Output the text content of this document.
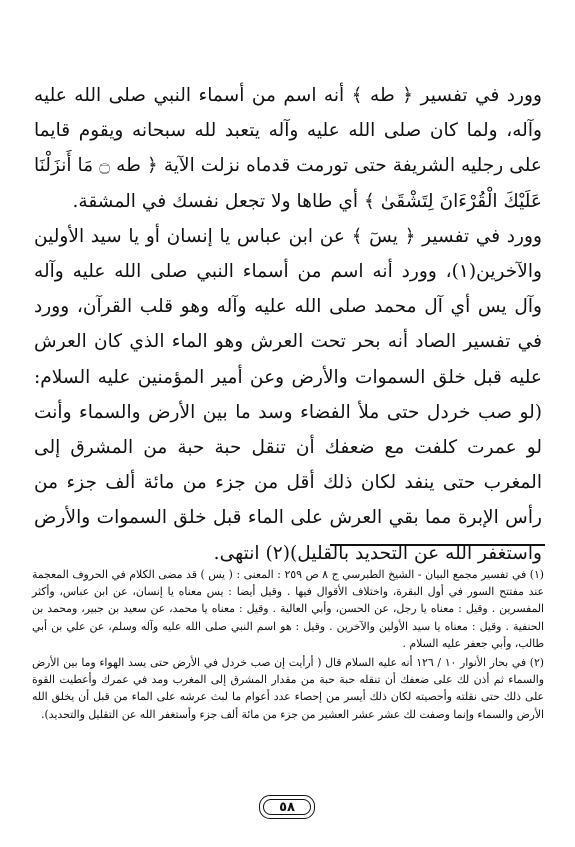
وورد في تفسير ﴿ طه ﴾ أنه اسم من أسماء النبي صلى الله عليه وآله، ولما كان صلى الله عليه وآله يتعبد لله سبحانه ويقوم قايما على رجليه الشريفة حتى تورمت قدماه نزلت الآية ﴿ طه ۝ مَا أَنزَلْنَا عَلَيْكَ الْقُرْءَانَ لِتَشْقَىٰ ﴾ أي طاها ولا تجعل نفسك في المشقة.

وورد في تفسير ﴿ يسٓ ﴾ عن ابن عباس يا إنسان أو يا سيد الأولين والآخرين(١)، وورد أنه اسم من أسماء النبي صلى الله عليه وآله وآل يس أي آل محمد صلى الله عليه وآله وهو قلب القرآن، وورد في تفسير الصاد أنه بحر تحت العرش وهو الماء الذي كان العرش عليه قبل خلق السموات والأرض وعن أمير المؤمنين عليه السلام: (لو صب خردل حتى ملأ الفضاء وسد ما بين الأرض والسماء وأنت لو عمرت كلفت مع ضعفك أن تنقل حبة حبة من المشرق إلى المغرب حتى ينفد لكان ذلك أقل من جزء من مائة ألف جزء من رأس الإبرة مما بقي العرش على الماء قبل خلق السموات والأرض واستغفر الله عن التحديد بالقليل)(٢) انتهى.

(١) في تفسير مجمع البيان - الشيخ الطبرسي ج ٨ ص ٢٥٩ : المعنى : ( يس ) قد مضى الكلام في الحروف المعجمة عند مفتتح السور في أول البقرة، واختلاف الأقوال فيها . وقيل أيضا : يس معناه يا إنسان، عن ابن عباس، وأكثر المفسرين . وقيل : معناه يا رجل، عن الحسن، وأبي العالية . وقيل : معناه يا محمد، عن سعيد بن جبير، ومحمد بن الحنفية . وقيل : معناه يا سيد الأولين والآخرين . وقيل : هو اسم النبي صلى الله عليه وآله وسلم، عن علي بن أبي طالب، وأبي جعفر عليه السلام .

(٢) في بحار الأنوار ١٠ / ١٢٦ أنه عليه السلام قال ( أرأيت إن صب خردل في الأرض حتى يسد الهواء وما بين الأرض والسماء ثم أذن لك على ضعفك أن تنقله حبة حبة من مقدار المشرق إلى المغرب ومد في عمرك وأعطيت القوة على ذلك حتى نقلته وأحصيته لكان ذلك أيسر من إحصاء عدد أعوام ما لبث عرشه على الماء من قبل أن يخلق الله الأرض والسماء وإنما وصفت لك عشر عشر العشير من جزء من مائة ألف جزء وأستغفر الله عن التقليل والتحديد).

٥٨
